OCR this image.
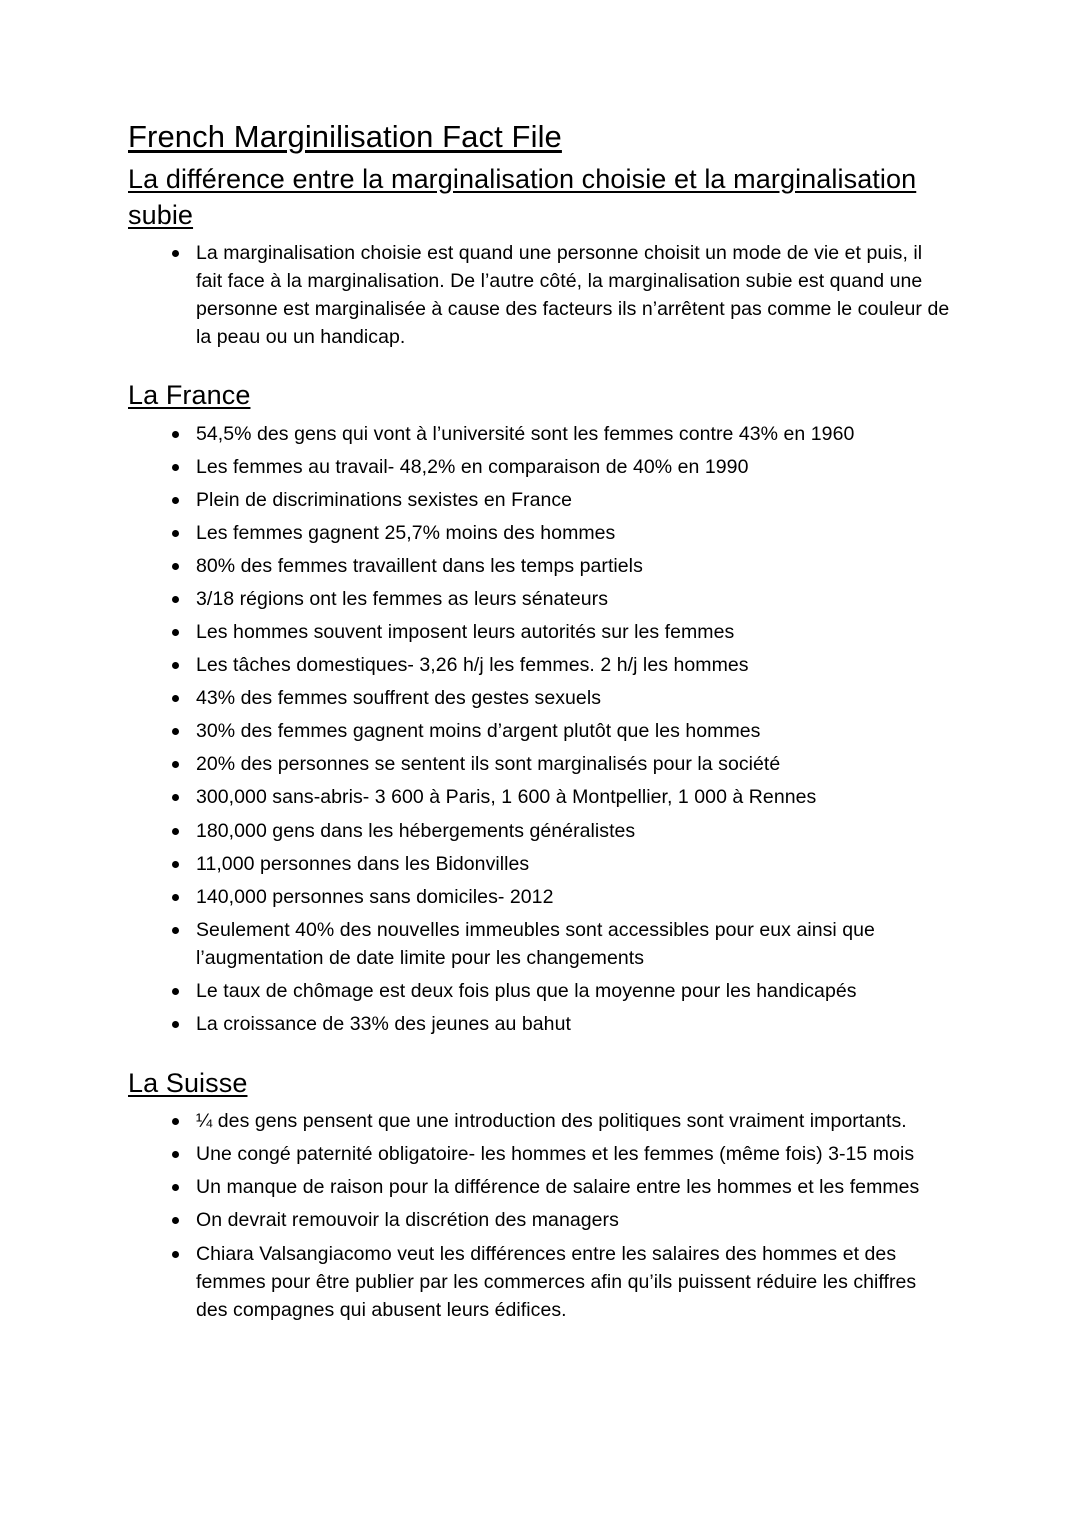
French Marginilisation Fact File
La différence entre la marginalisation choisie et la marginalisation subie
La marginalisation choisie est quand une personne choisit un mode de vie et puis, il fait face à la marginalisation. De l’autre côté, la marginalisation subie est quand une personne est marginalisée à cause des facteurs ils n’arrêtent pas comme le couleur de la peau ou un handicap.
La France
54,5% des gens qui vont à l’université sont les femmes contre 43% en 1960
Les femmes au travail- 48,2% en comparaison de 40% en 1990
Plein de discriminations sexistes en France
Les femmes gagnent 25,7% moins des hommes
80% des femmes travaillent dans les temps partiels
3/18 régions ont les femmes as leurs sénateurs
Les hommes souvent imposent leurs autorités sur les femmes
Les tâches domestiques- 3,26 h/j les femmes. 2 h/j les hommes
43% des femmes souffrent des gestes sexuels
30% des femmes gagnent moins d’argent plutôt que les hommes
20% des personnes se sentent ils sont marginalisés pour la société
300,000 sans-abris- 3 600 à Paris, 1 600 à Montpellier, 1 000 à Rennes
180,000 gens dans les hébergements généralistes
11,000 personnes dans les Bidonvilles
140,000 personnes sans domiciles- 2012
Seulement 40% des nouvelles immeubles sont accessibles pour eux ainsi que l’augmentation de date limite pour les changements
Le taux de chômage est deux fois plus que la moyenne pour les handicapés
La croissance de 33% des jeunes au bahut
La Suisse
¼ des gens pensent que une introduction des politiques sont vraiment importants.
Une congé paternité obligatoire- les hommes et les femmes (même fois) 3-15 mois
Un manque de raison pour la différence de salaire entre les hommes et les femmes
On devrait remouvoir la discrétion des managers
Chiara Valsangiacomo veut les différences entre les salaires des hommes et des femmes pour être publier par les commerces afin qu’ils puissent réduire les chiffres des compagnes qui abusent leurs édifices.
